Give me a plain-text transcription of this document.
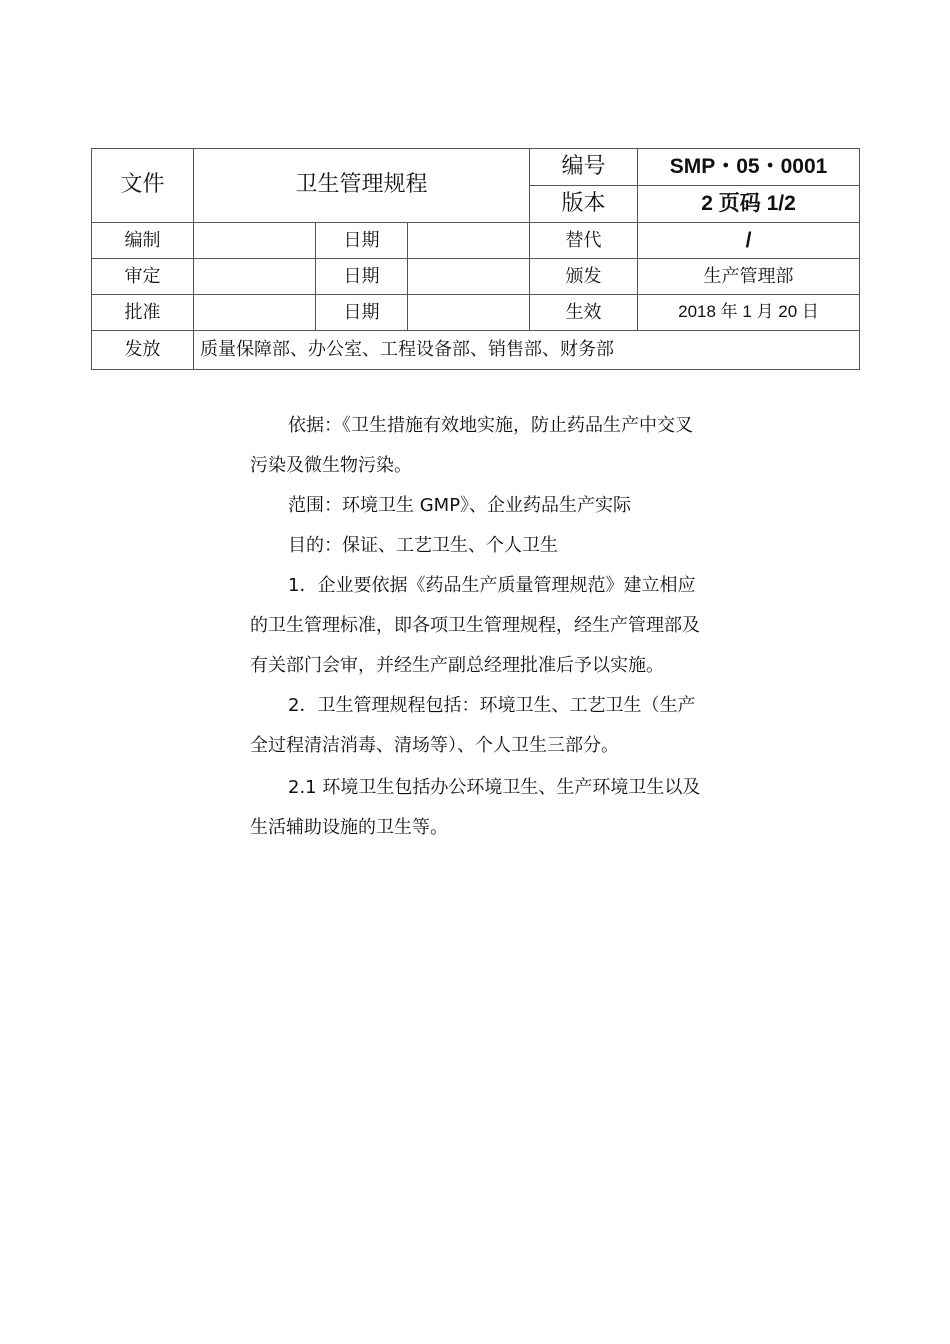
文件	卫生管理规程			编号	SMP・05・0001
				版本	2 页码 1/2
编制		日期		替代	/
审定		日期		颁发	生产管理部
批准		日期		生效	2018 年 1 月 20 日
发放	质量保障部、办公室、工程设备部、销售部、财务部				

依据：《卫生措施有效地实施，防止药品生产中交叉污染及微生物污染。

范围：环境卫生 GMP》、企业药品生产实际

目的：保证、工艺卫生、个人卫生

1．企业要依据《药品生产质量管理规范》建立相应的卫生管理标准，即各项卫生管理规程，经生产管理部及有关部门会审，并经生产副总经理批准后予以实施。

2．卫生管理规程包括：环境卫生、工艺卫生（生产全过程清洁消毒、清场等）、个人卫生三部分。

2.1 环境卫生包括办公环境卫生、生产环境卫生以及生活辅助设施的卫生等。
